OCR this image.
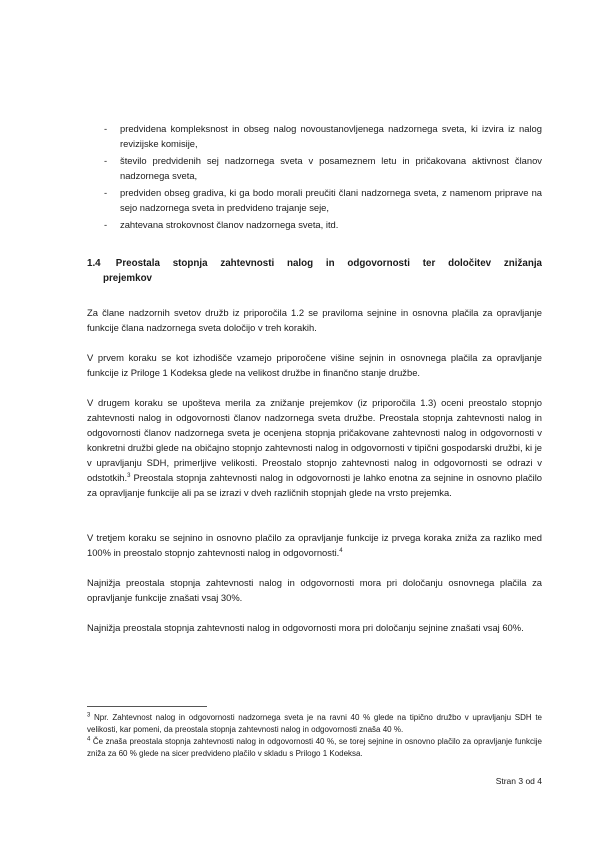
- predvidena kompleksnost in obseg nalog novoustanovljenega nadzornega sveta, ki izvira iz nalog revizijske komisije,
- število predvidenih sej nadzornega sveta v posameznem letu in pričakovana aktivnost članov nadzornega sveta,
- predviden obseg gradiva, ki ga bodo morali preučiti člani nadzornega sveta, z namenom priprave na sejo nadzornega sveta in predvideno trajanje seje,
- zahtevana strokovnost članov nadzornega sveta, itd.
1.4 Preostala stopnja zahtevnosti nalog in odgovornosti ter določitev znižanja
prejemkov

Za člane nadzornih svetov družb iz priporočila 1.2 se praviloma sejnine in osnovna plačila za opravljanje funkcije člana nadzornega sveta določijo v treh korakih.

V prvem koraku se kot izhodišče vzamejo priporočene višine sejnin in osnovnega plačila za opravljanje funkcije iz Priloge 1 Kodeksa glede na velikost družbe in finančno stanje družbe.

V drugem koraku se upošteva merila za znižanje prejemkov (iz priporočila 1.3) oceni preostalo stopnjo zahtevnosti nalog in odgovornosti članov nadzornega sveta družbe. Preostala stopnja zahtevnosti nalog in odgovornosti članov nadzornega sveta je ocenjena stopnja pričakovane zahtevnosti nalog in odgovornosti v konkretni družbi glede na običajno stopnjo zahtevnosti nalog in odgovornosti v tipični gospodarski družbi, ki je v upravljanju SDH, primerljive velikosti. Preostalo stopnjo zahtevnosti nalog in odgovornosti se odrazi v odstotkih.$^3$ Preostala stopnja zahtevnosti nalog in odgovornosti je lahko enotna za sejnine in osnovno plačilo za opravljanje funkcije ali pa se izrazi v dveh različnih stopnjah glede na vrsto prejemka.

V tretjem koraku se sejnino in osnovno plačilo za opravljanje funkcije iz prvega koraka zniža za razliko med 100% in preostalo stopnjo zahtevnosti nalog in odgovornosti.$^4$

Najnižja preostala stopnja zahtevnosti nalog in odgovornosti mora pri določanju osnovnega plačila za opravljanje funkcije znašati vsaj 30%.

Najnižja preostala stopnja zahtevnosti nalog in odgovornosti mora pri določanju sejnine znašati vsaj 60%.

$^3$ Npr. Zahtevnost nalog in odgovornosti nadzornega sveta je na ravni 40 % glede na tipično družbo v upravljanju SDH te velikosti, kar pomeni, da preostala stopnja zahtevnosti nalog in odgovornosti znaša 40 %.

$^4$ Če znaša preostala stopnja zahtevnosti nalog in odgovornosti 40 %, se torej sejnine in osnovno plačilo za opravljanje funkcije zniža za 60 % glede na sicer predvideno plačilo v skladu s Prilogo 1 Kodeksa.

Stran 3 od 4
